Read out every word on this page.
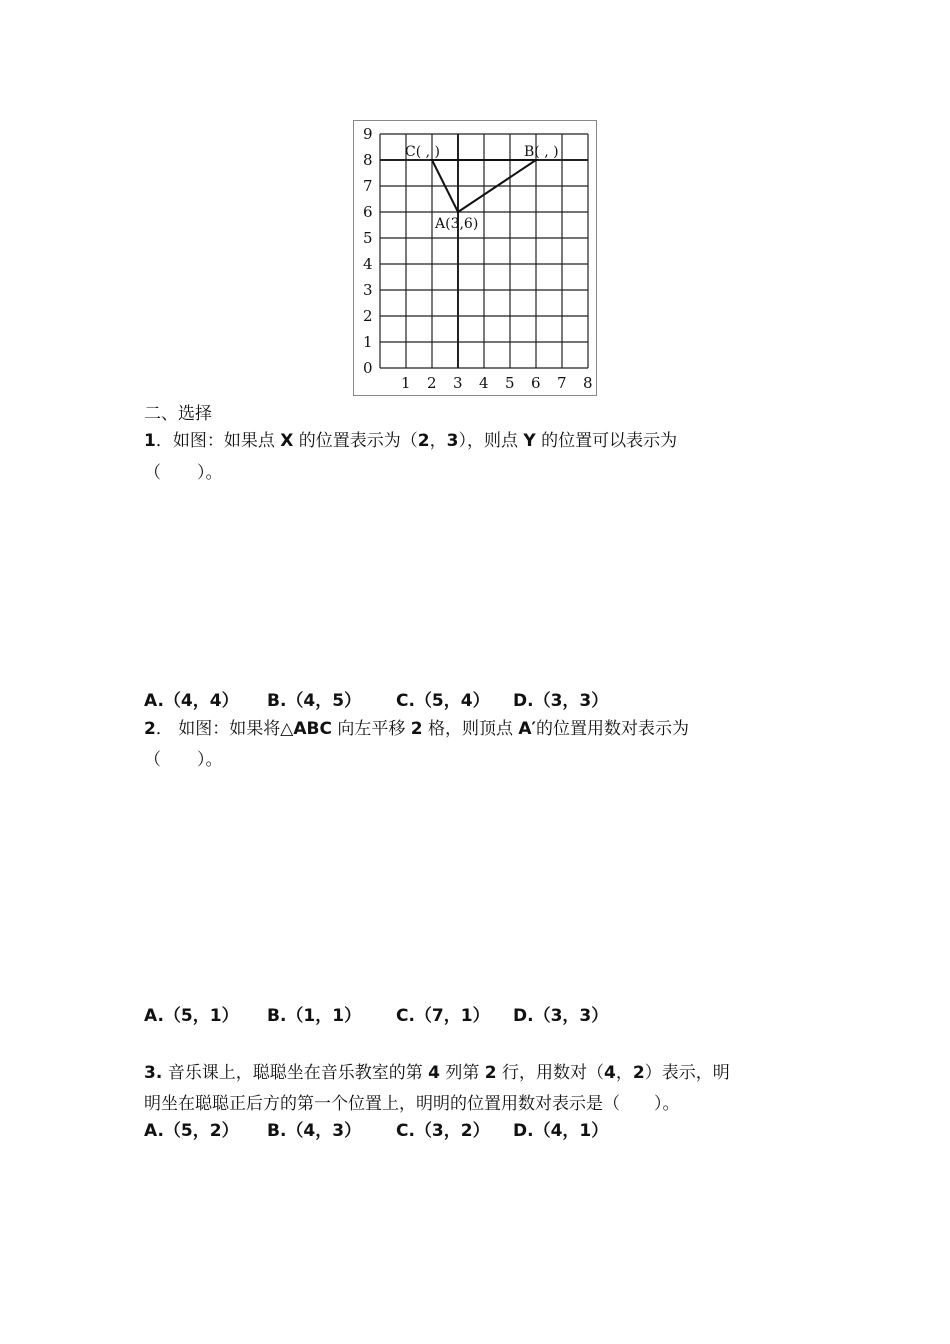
0
1
2
3
4
5
6
7
8
9
1 2 3 4 5 6 7 8
C( , )	B( , )
A(3,6)
二、选择
1．如图：如果点 X 的位置表示为（2，3），则点 Y 的位置可以表示为
（ ）。
A.（4，4） B.（4，5） C.（5，4） D.（3，3）
2． 如图：如果将△ABC 向左平移 2 格，则顶点 A′的位置用数对表示为
（ ）。
A.（5，1） B.（1，1） C.（7，1） D.（3，3）
3. 音乐课上，聪聪坐在音乐教室的第 4 列第 2 行，用数对（4，2）表示，明
明坐在聪聪正后方的第一个位置上，明明的位置用数对表示是（　　）。
A.（5，2） B.（4，3） C.（3，2） D.（4，1）
